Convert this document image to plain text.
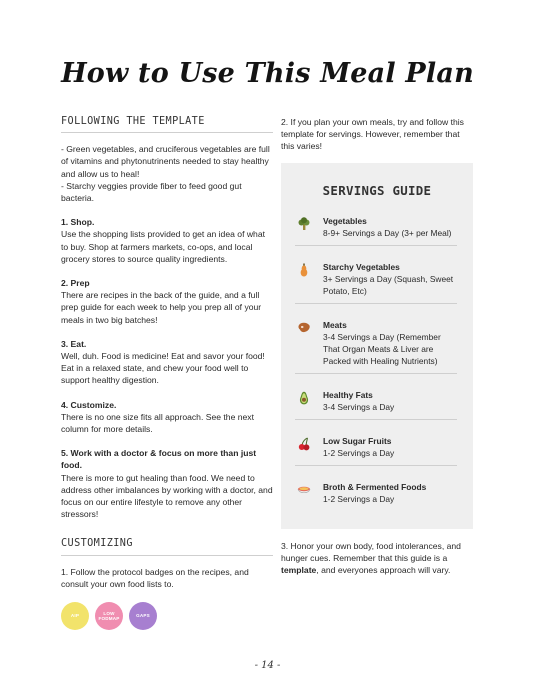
How to Use This Meal Plan
FOLLOWING THE TEMPLATE
- Green vegetables, and cruciferous vegetables are full of vitamins and phytonutrinents needed to stay healthy and allow us to heal!
- Starchy veggies provide fiber to feed good gut bacteria.
1. Shop.
Use the shopping lists provided to get an idea of what to buy. Shop at farmers markets, co-ops, and local grocery stores to source quality ingredients.
2. Prep
There are recipes in the back of the guide, and a full prep guide for each week to help you prep all of your meals in two big batches!
3. Eat.
Well, duh. Food is medicine! Eat and savor your food! Eat in a relaxed state, and chew your food well to support healthy digestion.
4. Customize.
There is no one size fits all approach. See the next column for more details.
5. Work with a doctor & focus on more than just food.
There is more to gut healing than food. We need to address other imbalances by working with a doctor, and focus on our entire lifestyle to remove any other stressors!
CUSTOMIZING
1. Follow the protocol badges on the recipes, and consult your own food lists to.
AIP
LOW FODMAP
GAPS
2. If you plan your own meals, try and follow this template for servings. However, remember that this varies!
SERVINGS GUIDE
Vegetables
8-9+ Servings a Day (3+ per Meal)
Starchy Vegetables
3+ Servings a Day (Squash, Sweet Potato, Etc)
Meats
3-4 Servings a Day (Remember That Organ Meats & Liver are Packed with Healing Nutrients)
Healthy Fats
3-4 Servings a Day
Low Sugar Fruits
1-2 Servings a Day
Broth & Fermented Foods
1-2 Servings a Day
3. Honor your own body, food intolerances, and hunger cues. Remember that this guide is a template, and everyones approach will vary.
- 14 -
